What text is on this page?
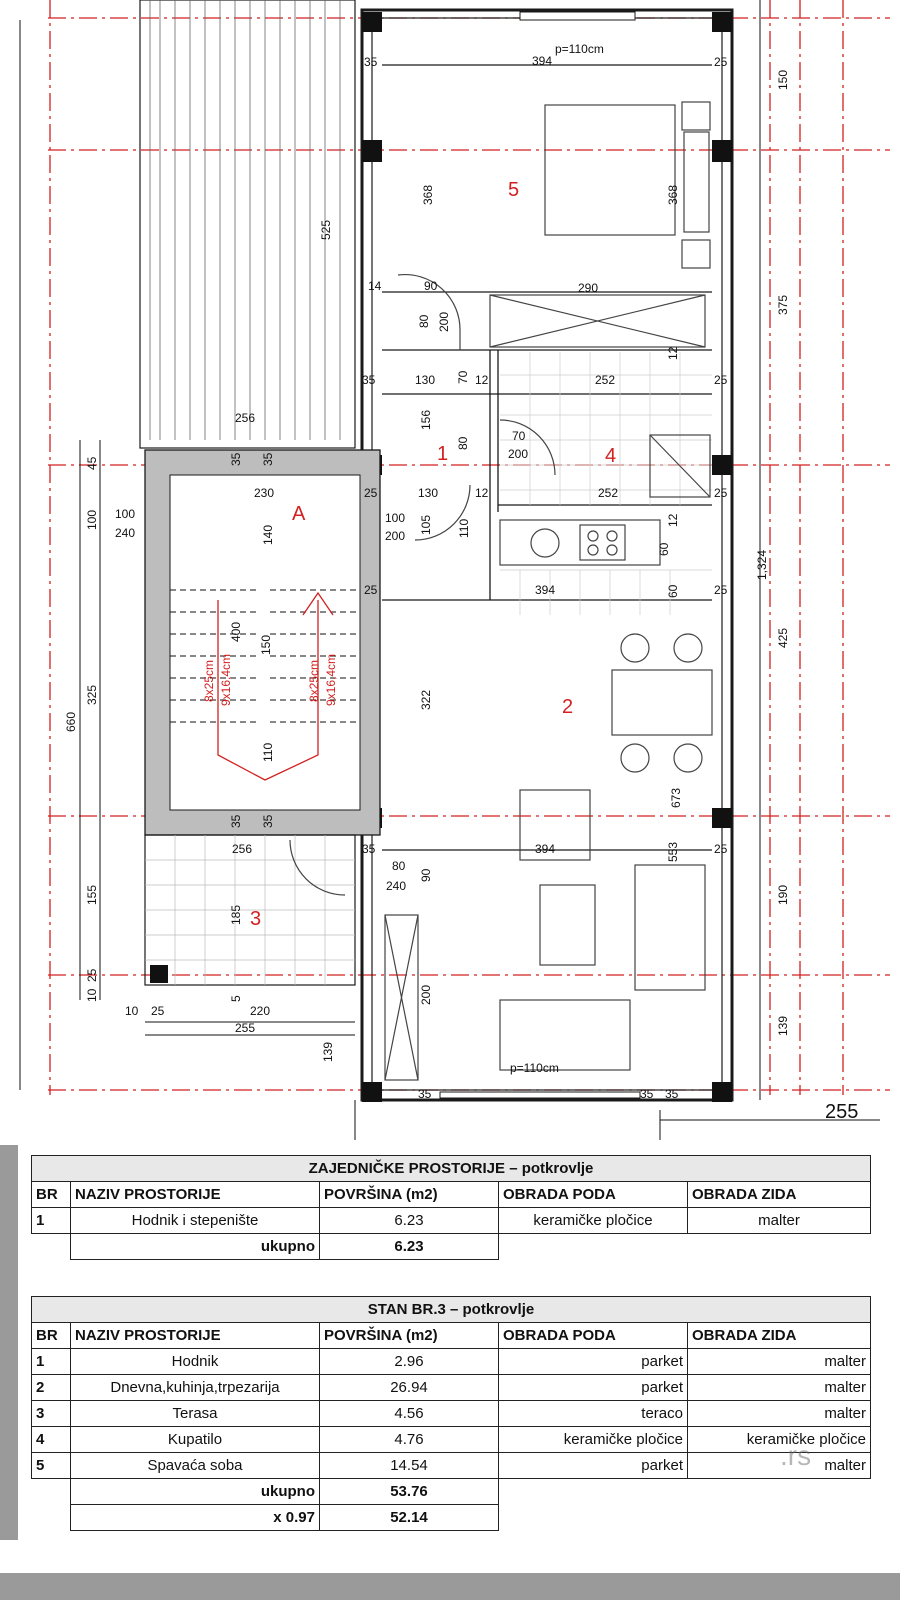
5
1	4
A
2
3
394
p=110cm
35	25
150
368	368
525
375
14	90
80 200
290
35	130 70 12	252	25
12
256	156
80
70
200
45	35 35
230	25	130	12	252	25
100 100
240	140
100
200
105 110	12
60
1,324
25	394	25
60
425
660
325
150
400
322
110
673
8x25cm 9x16,4cm	8x25cm 9x16,4cm
35 35
256	35	394	553	25
80
240
90
190
155
185
25
10	5
10 25	220
255
200
139
139
p=110cm
35	35 35
255
ZAJEDNIČKE PROSTORIJE – potkrovlje				
BR	NAZIV PROSTORIJE	POVRŠINA (m2)	OBRADA PODA	OBRADA ZIDA
1	Hodnik i stepenište	6.23	keramičke pločice	malter
	ukupno	6.23		
STAN BR.3 – potkrovlje				
BR	NAZIV PROSTORIJE	POVRŠINA (m2)	OBRADA PODA	OBRADA ZIDA
1	Hodnik	2.96	parket	malter
2	Dnevna,kuhinja,trpezarija	26.94	parket	malter
3	Terasa	4.56	teraco	malter
4	Kupatilo	4.76	keramičke pločice	keramičke pločice
5	Spavaća soba	14.54	parket	malter
	ukupno	53.76		
	x 0.97	52.14		
.rs
